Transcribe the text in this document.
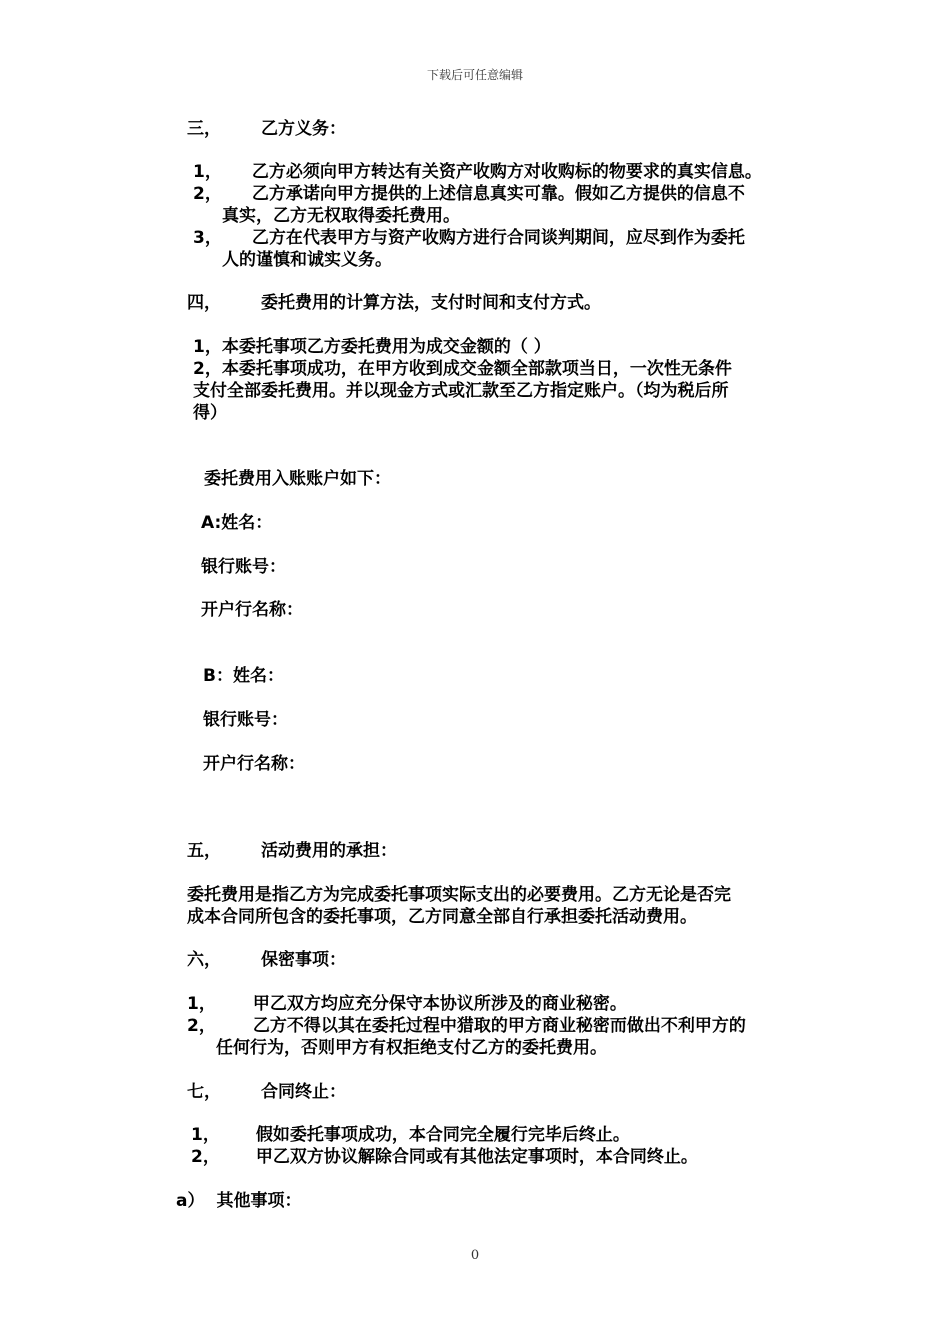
下载后可任意编辑
三， 乙方义务：
1， 乙方必须向甲方转达有关资产收购方对收购标的物要求的真实信息。
2， 乙方承诺向甲方提供的上述信息真实可靠。假如乙方提供的信息不
真实，乙方无权取得委托费用。
3， 乙方在代表甲方与资产收购方进行合同谈判期间，应尽到作为委托
人的谨慎和诚实义务。
四， 委托费用的计算方法，支付时间和支付方式。
1，本委托事项乙方委托费用为成交金额的（ ）
2，本委托事项成功，在甲方收到成交金额全部款项当日，一次性无条件
支付全部委托费用。并以现金方式或汇款至乙方指定账户。（均为税后所
得）
委托费用入账账户如下：
A:姓名：
银行账号：
开户行名称：
B：姓名：
银行账号：
开户行名称：
五， 活动费用的承担：
委托费用是指乙方为完成委托事项实际支出的必要费用。乙方无论是否完
成本合同所包含的委托事项，乙方同意全部自行承担委托活动费用。
六， 保密事项：
1， 甲乙双方均应充分保守本协议所涉及的商业秘密。
2， 乙方不得以其在委托过程中猎取的甲方商业秘密而做出不利甲方的
任何行为，否则甲方有权拒绝支付乙方的委托费用。
七， 合同终止：
1， 假如委托事项成功，本合同完全履行完毕后终止。
2， 甲乙双方协议解除合同或有其他法定事项时，本合同终止。
a） 其他事项：
0
